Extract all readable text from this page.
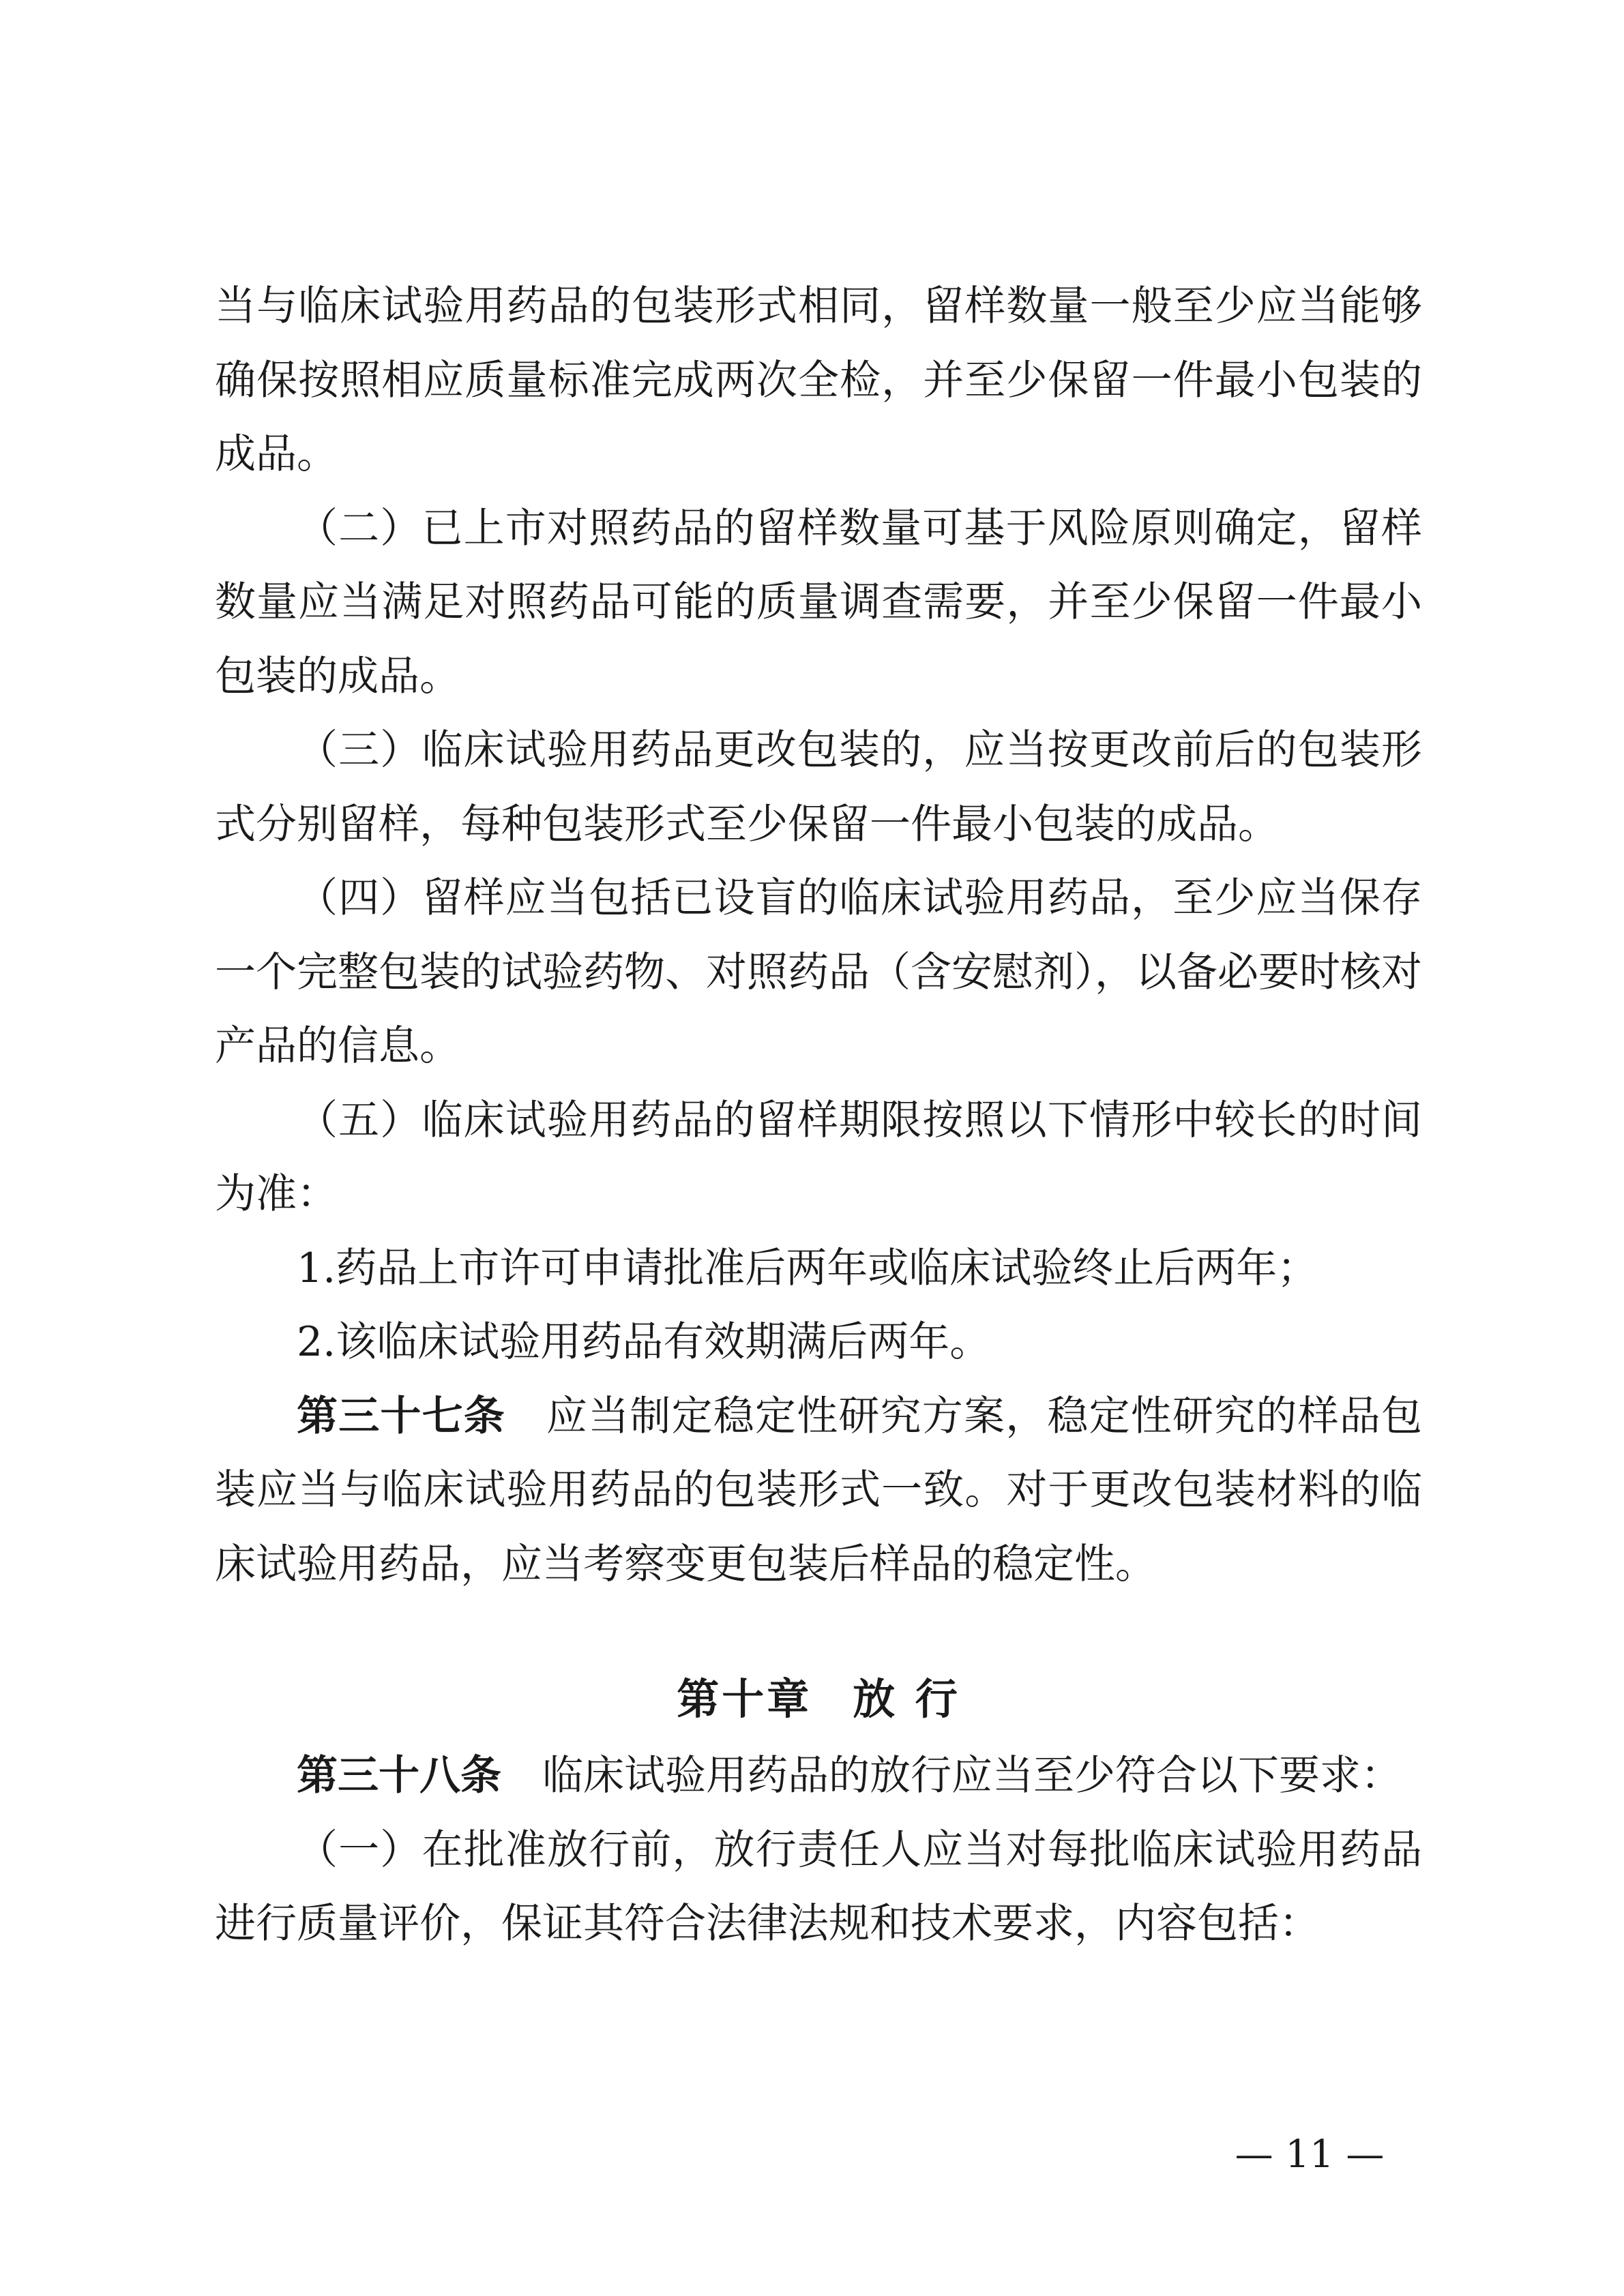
当与临床试验用药品的包装形式相同，留样数量一般至少应当能够确保按照相应质量标准完成两次全检，并至少保留一件最小包装的成品。

（二）已上市对照药品的留样数量可基于风险原则确定，留样数量应当满足对照药品可能的质量调查需要，并至少保留一件最小包装的成品。

（三）临床试验用药品更改包装的，应当按更改前后的包装形式分别留样，每种包装形式至少保留一件最小包装的成品。

（四）留样应当包括已设盲的临床试验用药品，至少应当保存一个完整包装的试验药物、对照药品（含安慰剂），以备必要时核对产品的信息。

（五）临床试验用药品的留样期限按照以下情形中较长的时间为准：

1.药品上市许可申请批准后两年或临床试验终止后两年；

2.该临床试验用药品有效期满后两年。

第三十七条 应当制定稳定性研究方案，稳定性研究的样品包装应当与临床试验用药品的包装形式一致。对于更改包装材料的临床试验用药品，应当考察变更包装后样品的稳定性。

第十章 放 行

第三十八条 临床试验用药品的放行应当至少符合以下要求：

（一）在批准放行前，放行责任人应当对每批临床试验用药品进行质量评价，保证其符合法律法规和技术要求，内容包括：

— 11 —
